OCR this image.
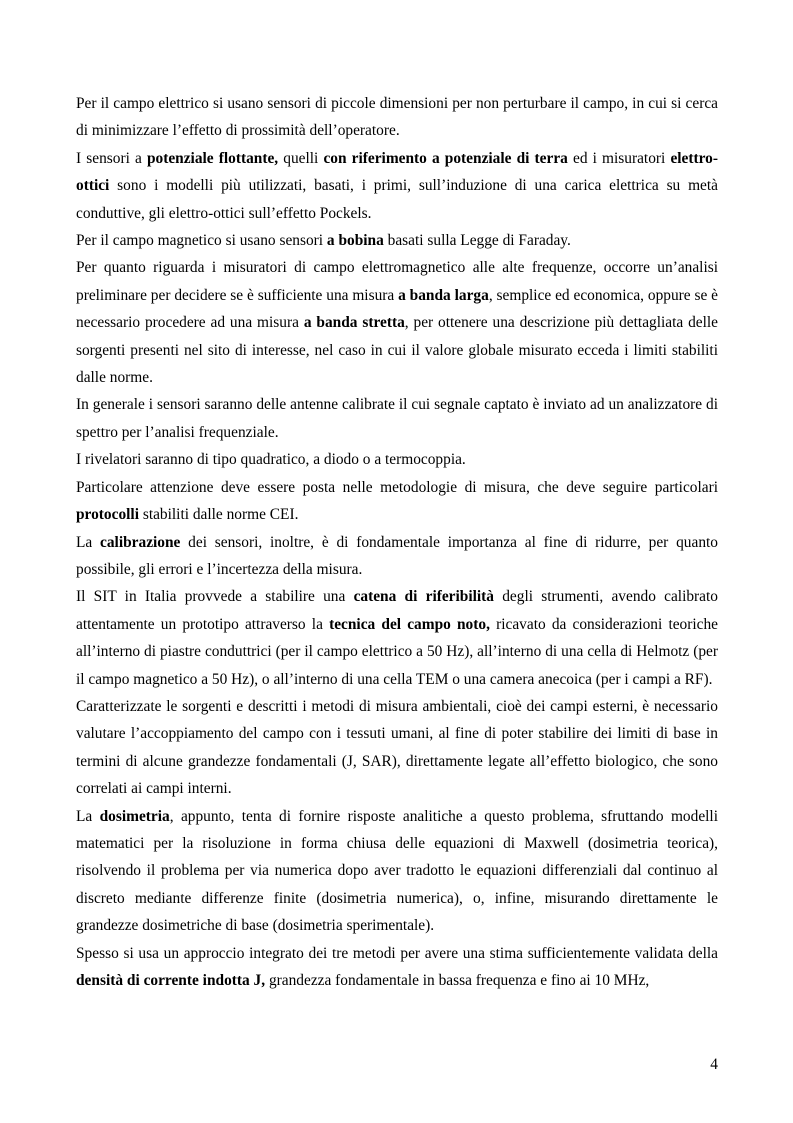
Per il campo elettrico si usano sensori di piccole dimensioni per non perturbare il campo, in cui si cerca di minimizzare l’effetto di prossimità dell’operatore.

I sensori a potenziale flottante, quelli con riferimento a potenziale di terra ed i misuratori elettro-ottici sono i modelli più utilizzati, basati, i primi, sull’induzione di una carica elettrica su metà conduttive, gli elettro-ottici sull’effetto Pockels.

Per il campo magnetico si usano sensori a bobina basati sulla Legge di Faraday.

Per quanto riguarda i misuratori di campo elettromagnetico alle alte frequenze, occorre un’analisi preliminare per decidere se è sufficiente una misura a banda larga, semplice ed economica, oppure se è necessario procedere ad una misura a banda stretta, per ottenere una descrizione più dettagliata delle sorgenti presenti nel sito di interesse, nel caso in cui il valore globale misurato ecceda i limiti stabiliti dalle norme.

In generale i sensori saranno delle antenne calibrate il cui segnale captato è inviato ad un analizzatore di spettro per l’analisi frequenziale.

I rivelatori saranno di tipo quadratico, a diodo o a termocoppia.

Particolare attenzione deve essere posta nelle metodologie di misura, che deve seguire particolari protocolli stabiliti dalle norme CEI.

La calibrazione dei sensori, inoltre, è di fondamentale importanza al fine di ridurre, per quanto possibile, gli errori e l’incertezza della misura.

Il SIT in Italia provvede a stabilire una catena di riferibilità degli strumenti, avendo calibrato attentamente un prototipo attraverso la tecnica del campo noto, ricavato da considerazioni teoriche all’interno di piastre conduttrici (per il campo elettrico a 50 Hz), all’interno di una cella di Helmotz (per il campo magnetico a 50 Hz), o all’interno di una cella TEM o una camera anecoica (per i campi a RF).

Caratterizzate le sorgenti e descritti i metodi di misura ambientali, cioè dei campi esterni, è necessario valutare l’accoppiamento del campo con i tessuti umani, al fine di poter stabilire dei limiti di base in termini di alcune grandezze fondamentali (J, SAR), direttamente legate all’effetto biologico, che sono correlati ai campi interni.

La dosimetria, appunto, tenta di fornire risposte analitiche a questo problema, sfruttando modelli matematici per la risoluzione in forma chiusa delle equazioni di Maxwell (dosimetria teorica), risolvendo il problema per via numerica dopo aver tradotto le equazioni differenziali dal continuo al discreto mediante differenze finite (dosimetria numerica), o, infine, misurando direttamente le grandezze dosimetriche di base (dosimetria sperimentale).

Spesso si usa un approccio integrato dei tre metodi per avere una stima sufficientemente validata della densità di corrente indotta J, grandezza fondamentale in bassa frequenza e fino ai 10 MHz,

4
